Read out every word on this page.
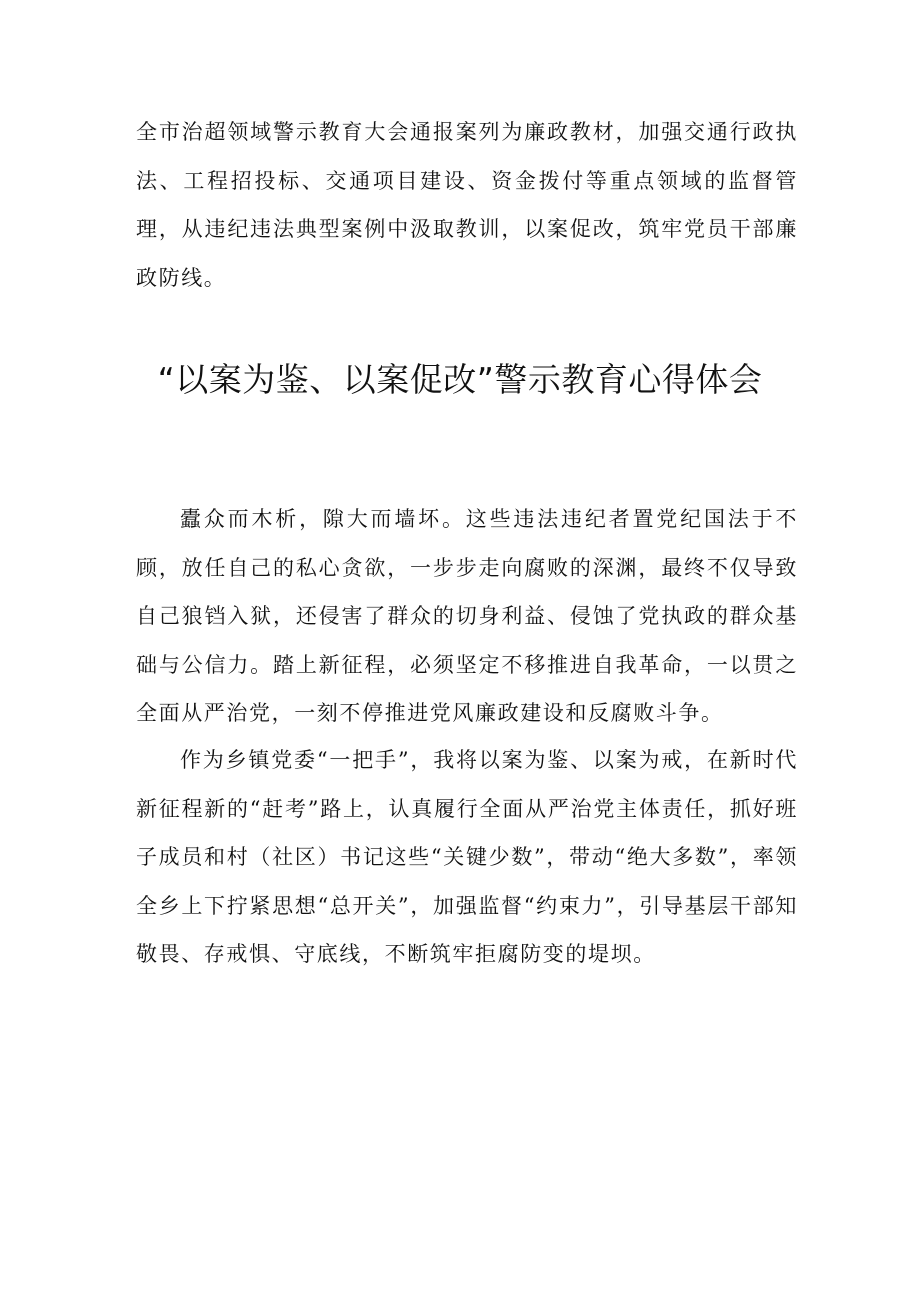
全市治超领域警示教育大会通报案列为廉政教材，加强交通行政执法、工程招投标、交通项目建设、资金拨付等重点领域的监督管理，从违纪违法典型案例中汲取教训，以案促改，筑牢党员干部廉政防线。

“以案为鉴、以案促改”警示教育心得体会

蠹众而木析，隙大而墙坏。这些违法违纪者置党纪国法于不顾，放任自己的私心贪欲，一步步走向腐败的深渊，最终不仅导致自己狼铛入狱，还侵害了群众的切身利益、侵蚀了党执政的群众基础与公信力。踏上新征程，必须坚定不移推进自我革命，一以贯之全面从严治党，一刻不停推进党风廉政建设和反腐败斗争。

作为乡镇党委“一把手”，我将以案为鉴、以案为戒，在新时代新征程新的“赶考”路上，认真履行全面从严治党主体责任，抓好班子成员和村（社区）书记这些“关键少数”，带动“绝大多数”，率领全乡上下拧紧思想“总开关”，加强监督“约束力”，引导基层干部知敬畏、存戒惧、守底线，不断筑牢拒腐防变的堤坝。
